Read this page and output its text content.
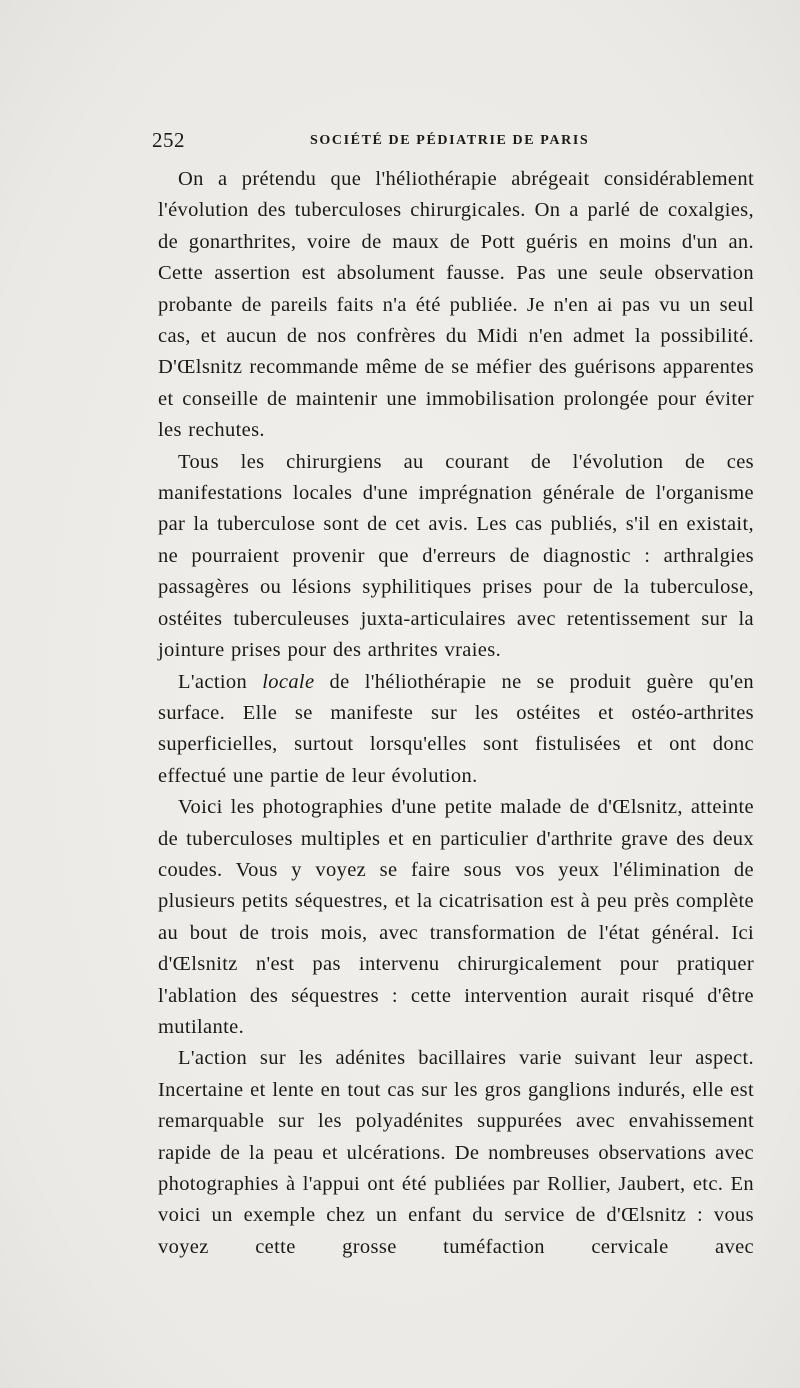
252	SOCIÉTÉ DE PÉDIATRIE DE PARIS

On a prétendu que l'héliothérapie abrégeait considérablement l'évolution des tuberculoses chirurgicales. On a parlé de coxalgies, de gonarthrites, voire de maux de Pott guéris en moins d'un an. Cette assertion est absolument fausse. Pas une seule observation probante de pareils faits n'a été publiée. Je n'en ai pas vu un seul cas, et aucun de nos confrères du Midi n'en admet la possibilité. D'Œlsnitz recommande même de se méfier des guérisons apparentes et conseille de maintenir une immobilisation prolongée pour éviter les rechutes.

Tous les chirurgiens au courant de l'évolution de ces manifestations locales d'une imprégnation générale de l'organisme par la tuberculose sont de cet avis. Les cas publiés, s'il en existait, ne pourraient provenir que d'erreurs de diagnostic : arthralgies passagères ou lésions syphilitiques prises pour de la tuberculose, ostéites tuberculeuses juxta-articulaires avec retentissement sur la jointure prises pour des arthrites vraies.

L'action locale de l'héliothérapie ne se produit guère qu'en surface. Elle se manifeste sur les ostéites et ostéo-arthrites superficielles, surtout lorsqu'elles sont fistulisées et ont donc effectué une partie de leur évolution.

Voici les photographies d'une petite malade de d'Œlsnitz, atteinte de tuberculoses multiples et en particulier d'arthrite grave des deux coudes. Vous y voyez se faire sous vos yeux l'élimination de plusieurs petits séquestres, et la cicatrisation est à peu près complète au bout de trois mois, avec transformation de l'état général. Ici d'Œlsnitz n'est pas intervenu chirurgicalement pour pratiquer l'ablation des séquestres : cette intervention aurait risqué d'être mutilante.

L'action sur les adénites bacillaires varie suivant leur aspect. Incertaine et lente en tout cas sur les gros ganglions indurés, elle est remarquable sur les polyadénites suppurées avec envahissement rapide de la peau et ulcérations. De nombreuses observations avec photographies à l'appui ont été publiées par Rollier, Jaubert, etc. En voici un exemple chez un enfant du service de d'Œlsnitz : vous voyez cette grosse tuméfaction cervicale avec
